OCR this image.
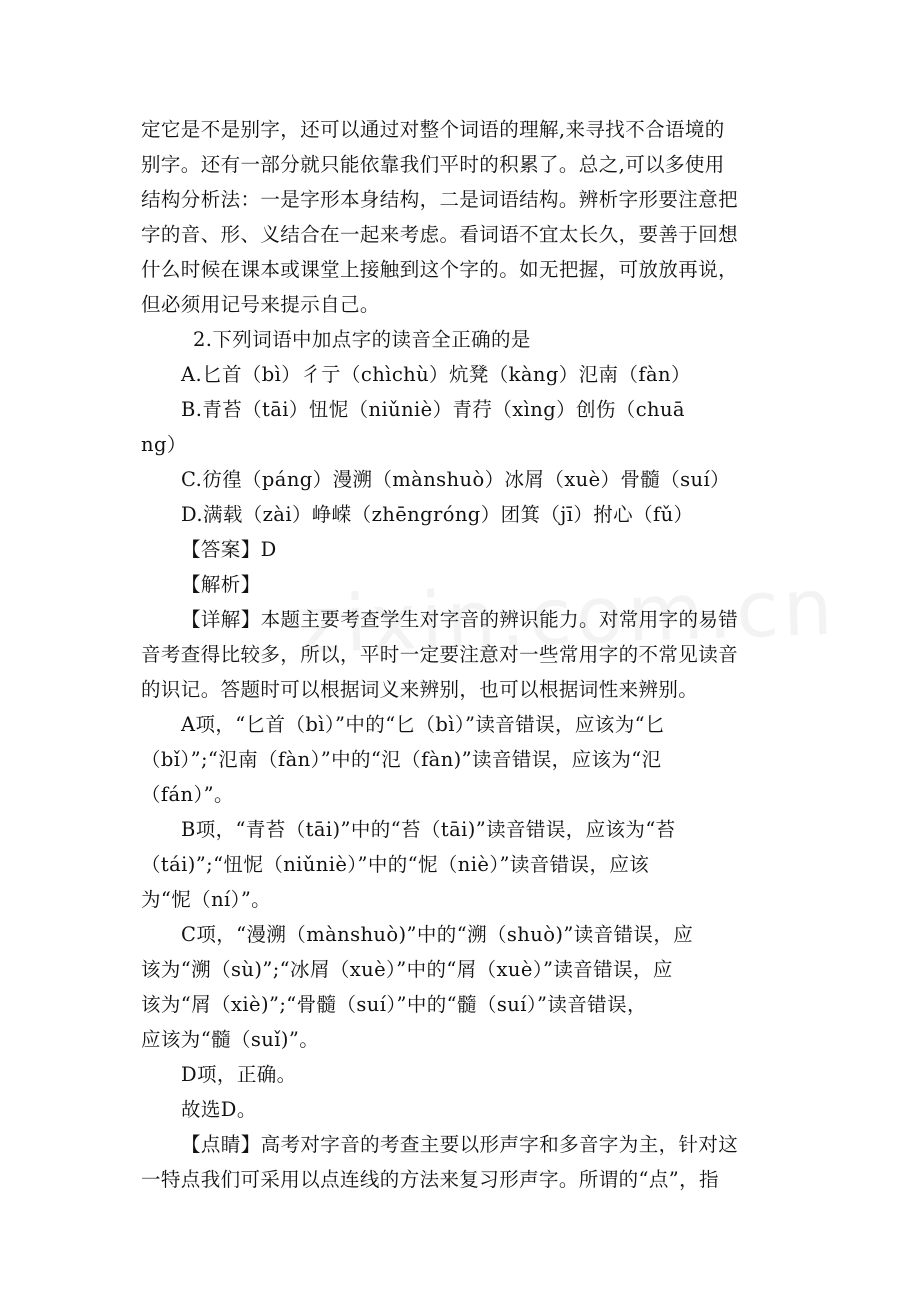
定它是不是别字，还可以通过对整个词语的理解,来寻找不合语境的
别字。还有一部分就只能依靠我们平时的积累了。总之,可以多使用
结构分析法：一是字形本身结构，二是词语结构。辨析字形要注意把
字的音、形、义结合在一起来考虑。看词语不宜太长久，要善于回想
什么时候在课本或课堂上接触到这个字的。如无把握，可放放再说，
但必须用记号来提示自己。
2.下列词语中加点字的读音全正确的是
A.匕首（bì）彳亍（chìchù）炕凳（kàng）氾南（fàn）
B.青苔（tāi）忸怩（niǔniè）青荇（xìng）创伤（chuā
ng）
C.彷徨（páng）漫溯（mànshuò）冰屑（xuè）骨髓（suí）
D.满载（zài）峥嵘（zhēngróng）团箕（jī）拊心（fǔ）
【答案】D
【解析】
【详解】本题主要考查学生对字音的辨识能力。对常用字的易错
音考查得比较多，所以，平时一定要注意对一些常用字的不常见读音
的识记。答题时可以根据词义来辨别，也可以根据词性来辨别。
A项，“匕首（bì）”中的“匕（bì）”读音错误，应该为“匕
（bǐ）”;“氾南（fàn）”中的“氾（fàn)”读音错误，应该为“氾
（fán）”。
B项，“青苔（tāi)”中的“苔（tāi)”读音错误，应该为“苔
（tái)”;“忸怩（niǔniè）”中的“怩（niè）”读音错误，应该
为“怩（ní）”。
C项，“漫溯（mànshuò)”中的“溯（shuò)”读音错误，应
该为“溯（sù)”;“冰屑（xuè）”中的“屑（xuè）”读音错误，应
该为“屑（xiè)”;“骨髓（suí）”中的“髓（suí）”读音错误，
应该为“髓（suǐ)”。
D项，正确。
故选D。
【点睛】高考对字音的考查主要以形声字和多音字为主，针对这
一特点我们可采用以点连线的方法来复习形声字。所谓的“点”，指
